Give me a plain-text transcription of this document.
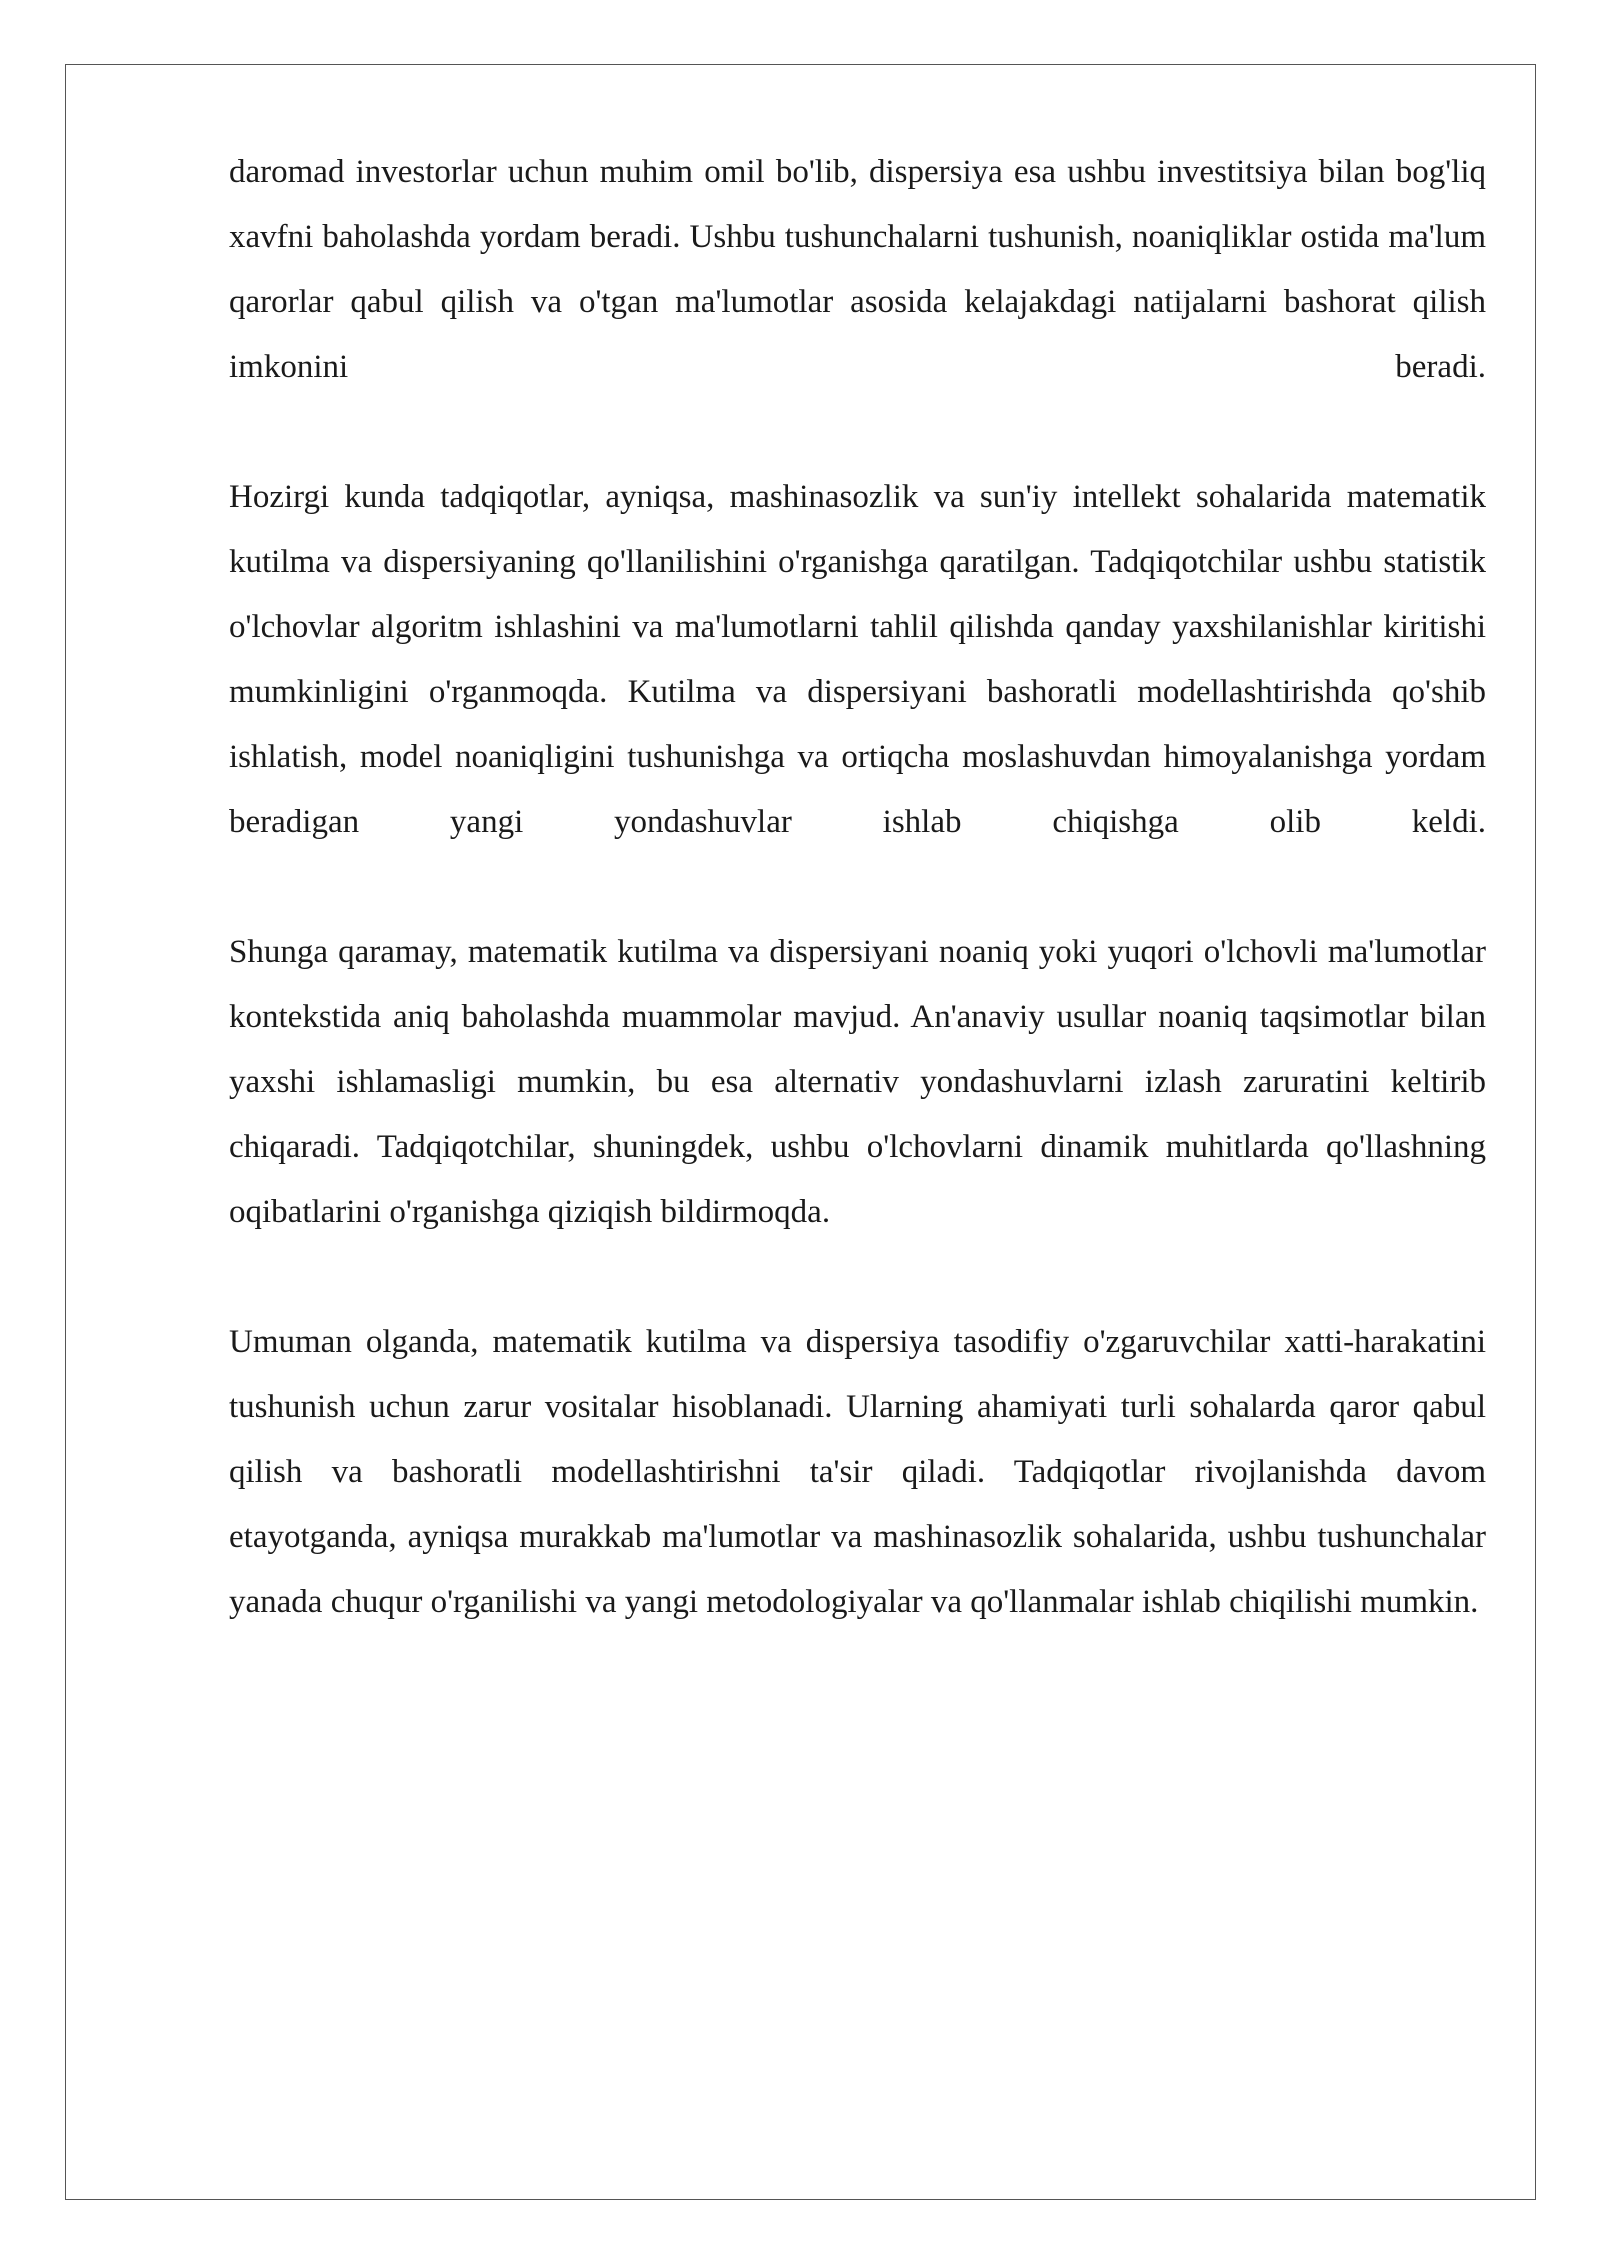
daromad investorlar uchun muhim omil bo'lib, dispersiya esa ushbu investitsiya bilan bog'liq xavfni baholashda yordam beradi. Ushbu tushunchalarni tushunish, noaniqliklar ostida ma'lum qarorlar qabul qilish va o'tgan ma'lumotlar asosida kelajakdagi natijalarni bashorat qilish imkonini beradi.

Hozirgi kunda tadqiqotlar, ayniqsa, mashinasozlik va sun'iy intellekt sohalarida matematik kutilma va dispersiyaning qo'llanilishini o'rganishga qaratilgan. Tadqiqotchilar ushbu statistik o'lchovlar algoritm ishlashini va ma'lumotlarni tahlil qilishda qanday yaxshilanishlar kiritishi mumkinligini o'rganmoqda. Kutilma va dispersiyani bashoratli modellashtirishda qo'shib ishlatish, model noaniqligini tushunishga va ortiqcha moslashuvdan himoyalanishga yordam beradigan yangi yondashuvlar ishlab chiqishga olib keldi.

Shunga qaramay, matematik kutilma va dispersiyani noaniq yoki yuqori o'lchovli ma'lumotlar kontekstida aniq baholashda muammolar mavjud. An'anaviy usullar noaniq taqsimotlar bilan yaxshi ishlamasligi mumkin, bu esa alternativ yondashuvlarni izlash zaruratini keltirib chiqaradi. Tadqiqotchilar, shuningdek, ushbu o'lchovlarni dinamik muhitlarda qo'llashning oqibatlarini o'rganishga qiziqish bildirmoqda.

Umuman olganda, matematik kutilma va dispersiya tasodifiy o'zgaruvchilar xatti-harakatini tushunish uchun zarur vositalar hisoblanadi. Ularning ahamiyati turli sohalarda qaror qabul qilish va bashoratli modellashtirishni ta'sir qiladi. Tadqiqotlar rivojlanishda davom etayotganda, ayniqsa murakkab ma'lumotlar va mashinasozlik sohalarida, ushbu tushunchalar yanada chuqur o'rganilishi va yangi metodologiyalar va qo'llanmalar ishlab chiqilishi mumkin.
